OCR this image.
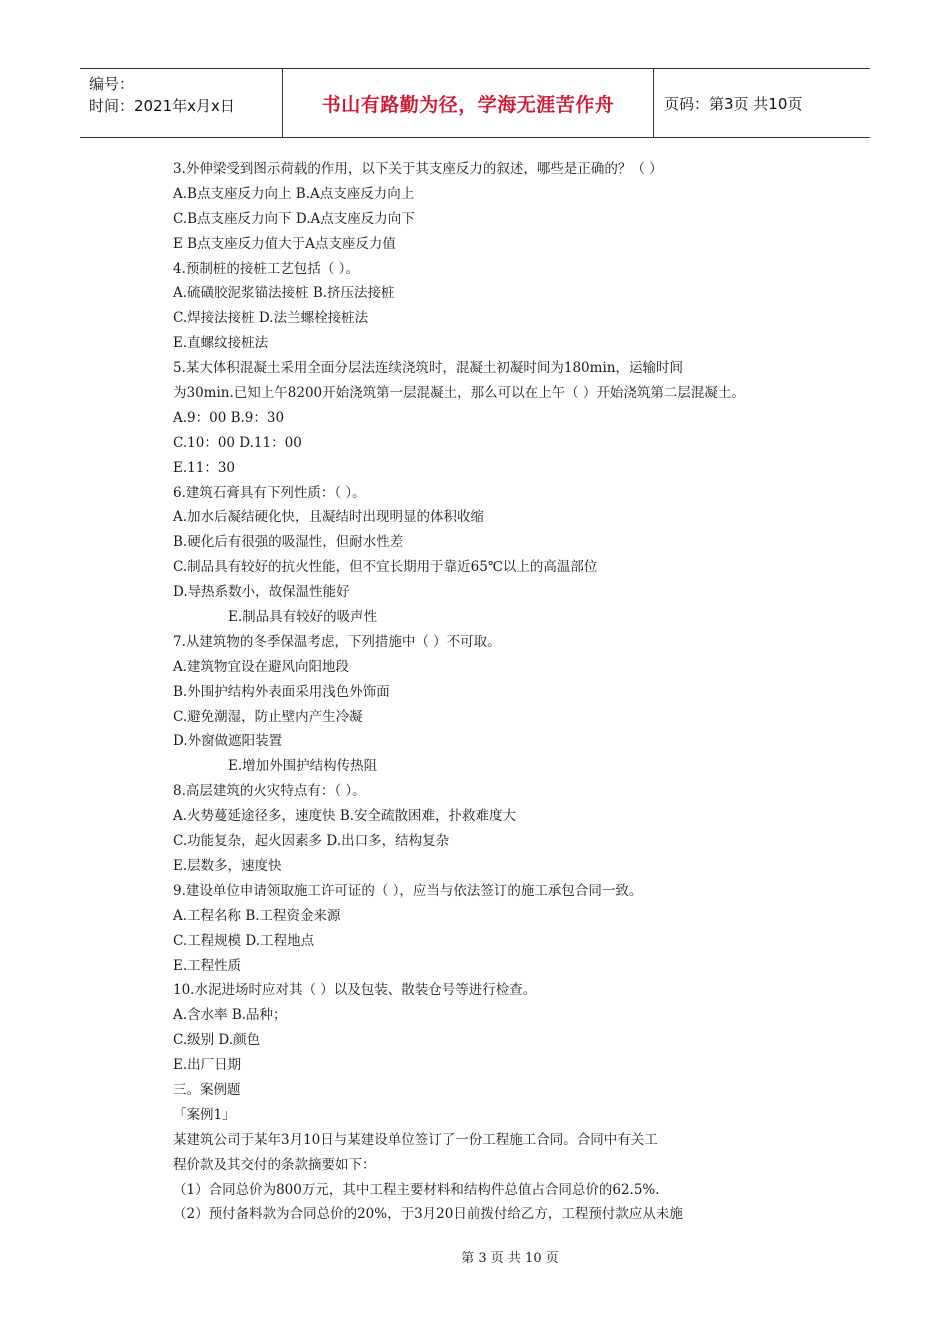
编号：
时间：2021年x月x日	书山有路勤为径，学海无涯苦作舟	页码：第3页 共10页
3.外伸梁受到图示荷载的作用，以下关于其支座反力的叙述，哪些是正确的？（ ）
A.B点支座反力向上 B.A点支座反力向上
C.B点支座反力向下 D.A点支座反力向下
E B点支座反力值大于A点支座反力值
4.预制桩的接桩工艺包括（ ）。
A.硫磺胶泥浆锚法接桩 B.挤压法接桩
C.焊接法接桩 D.法兰螺栓接桩法
E.直螺纹接桩法
5.某大体积混凝土采用全面分层法连续浇筑时，混凝土初凝时间为180min，运输时间
为30min.已知上午8200开始浇筑第一层混凝土，那么可以在上午（ ）开始浇筑第二层混凝土。
A.9：00 B.9：30
C.10：00 D.11：00
E.11：30
6.建筑石膏具有下列性质：（ ）。
A.加水后凝结硬化快，且凝结时出现明显的体积收缩
B.硬化后有很强的吸湿性，但耐水性差
C.制品具有较好的抗火性能，但不宜长期用于靠近65℃以上的高温部位
D.导热系数小，故保温性能好
E.制品具有较好的吸声性
7.从建筑物的冬季保温考虑，下列措施中（ ）不可取。
A.建筑物宜设在避风向阳地段
B.外围护结构外表面采用浅色外饰面
C.避免潮湿，防止壁内产生冷凝
D.外窗做遮阳装置
E.增加外围护结构传热阻
8.高层建筑的火灾特点有：（ ）。
A.火势蔓延途径多，速度快 B.安全疏散困难，扑救难度大
C.功能复杂，起火因素多 D.出口多，结构复杂
E.层数多，速度快
9.建设单位申请领取施工许可证的（ ），应当与依法签订的施工承包合同一致。
A.工程名称 B.工程资金来源
C.工程规模 D.工程地点
E.工程性质
10.水泥进场时应对其（ ）以及包装、散装仓号等进行检查。
A.含水率 B.品种；
C.级别 D.颜色
E.出厂日期
三。案例题
「案例1」
某建筑公司于某年3月10日与某建设单位签订了一份工程施工合同。合同中有关工
程价款及其交付的条款摘要如下：
（1）合同总价为800万元，其中工程主要材料和结构件总值占合同总价的62.5%.
（2）预付备料款为合同总价的20%，于3月20日前拨付给乙方，工程预付款应从未施
第 3 页 共 10 页
